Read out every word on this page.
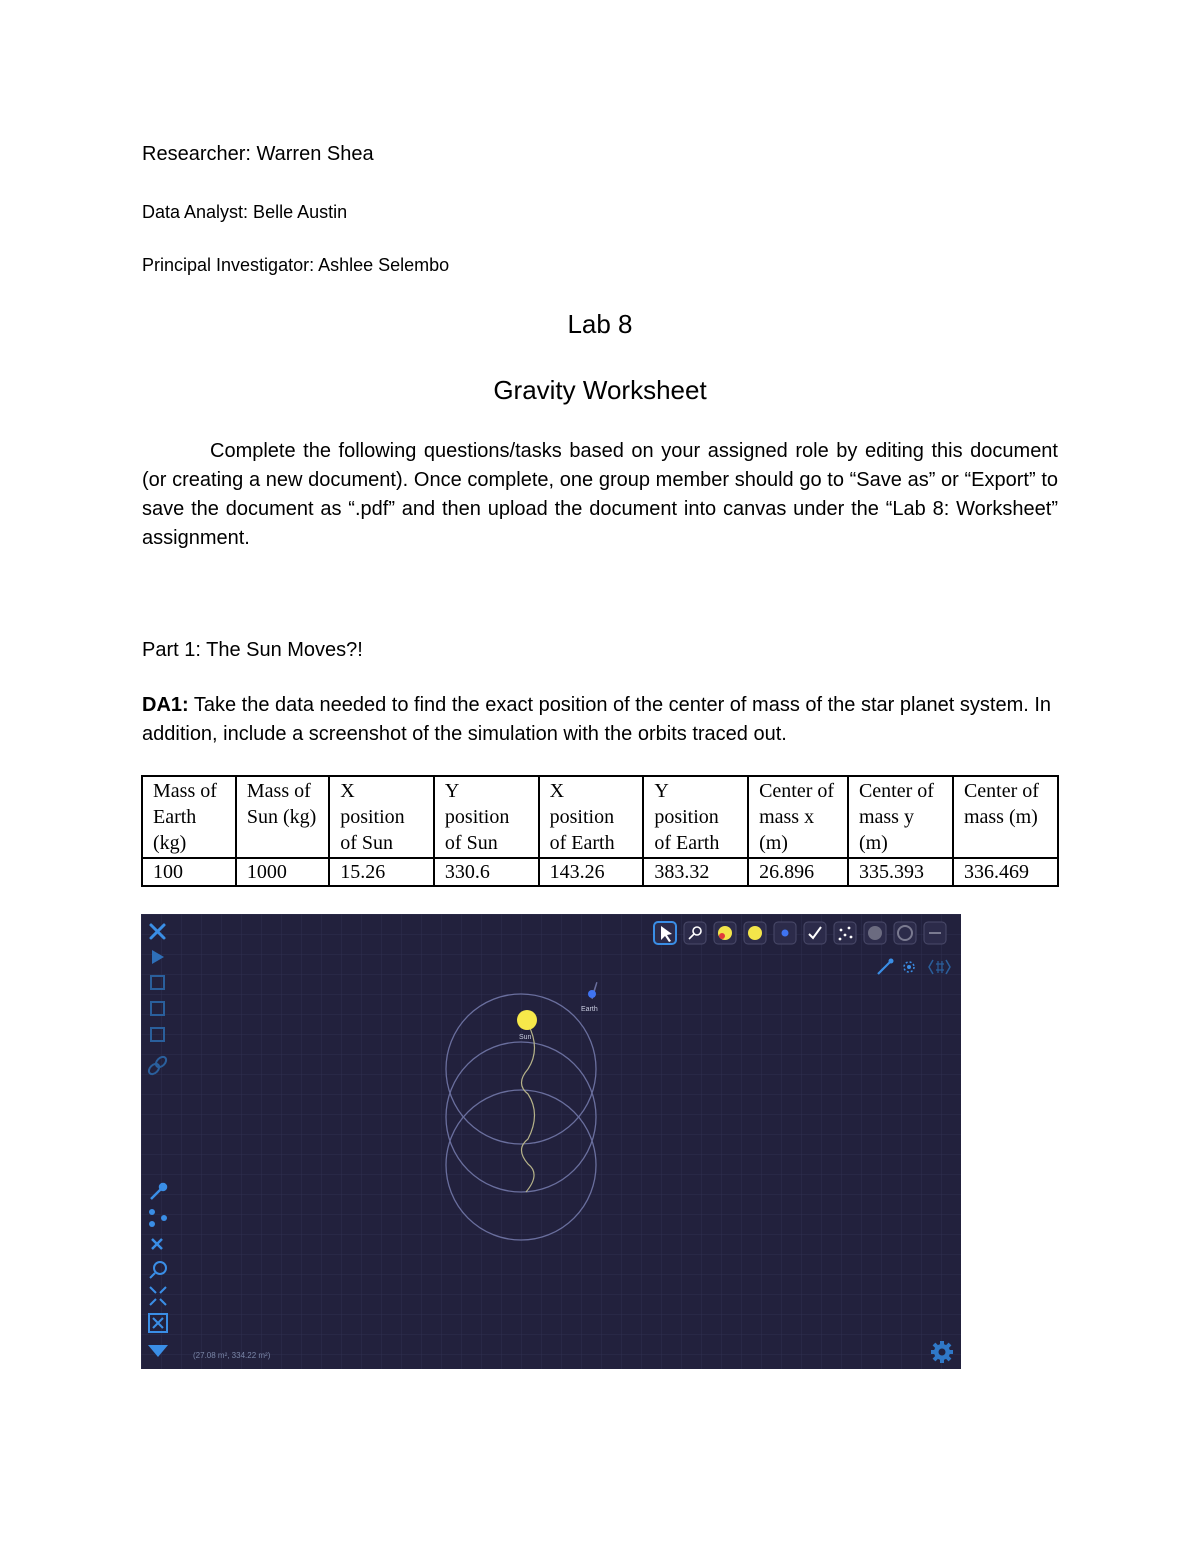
Researcher: Warren Shea
Data Analyst: Belle Austin
Principal Investigator: Ashlee Selembo
Lab 8
Gravity Worksheet
Complete the following questions/tasks based on your assigned role by editing this document (or creating a new document). Once complete, one group member should go to “Save as” or “Export” to save the document as “.pdf” and then upload the document into canvas under the “Lab 8: Worksheet” assignment.
Part 1: The Sun Moves?!
DA1: Take the data needed to find the exact position of the center of mass of the star planet system. In addition, include a screenshot of the simulation with the orbits traced out.
Mass of Earth (kg)	Mass of Sun (kg)	X position of Sun	Y position of Sun	X position of Earth	Y position of Earth	Center of mass x (m)	Center of mass y (m)	Center of mass (m)
100	1000	15.26	330.6	143.26	383.32	26.896	335.393	336.469
Sun
Earth
(27.08 m², 334.22 m²)
